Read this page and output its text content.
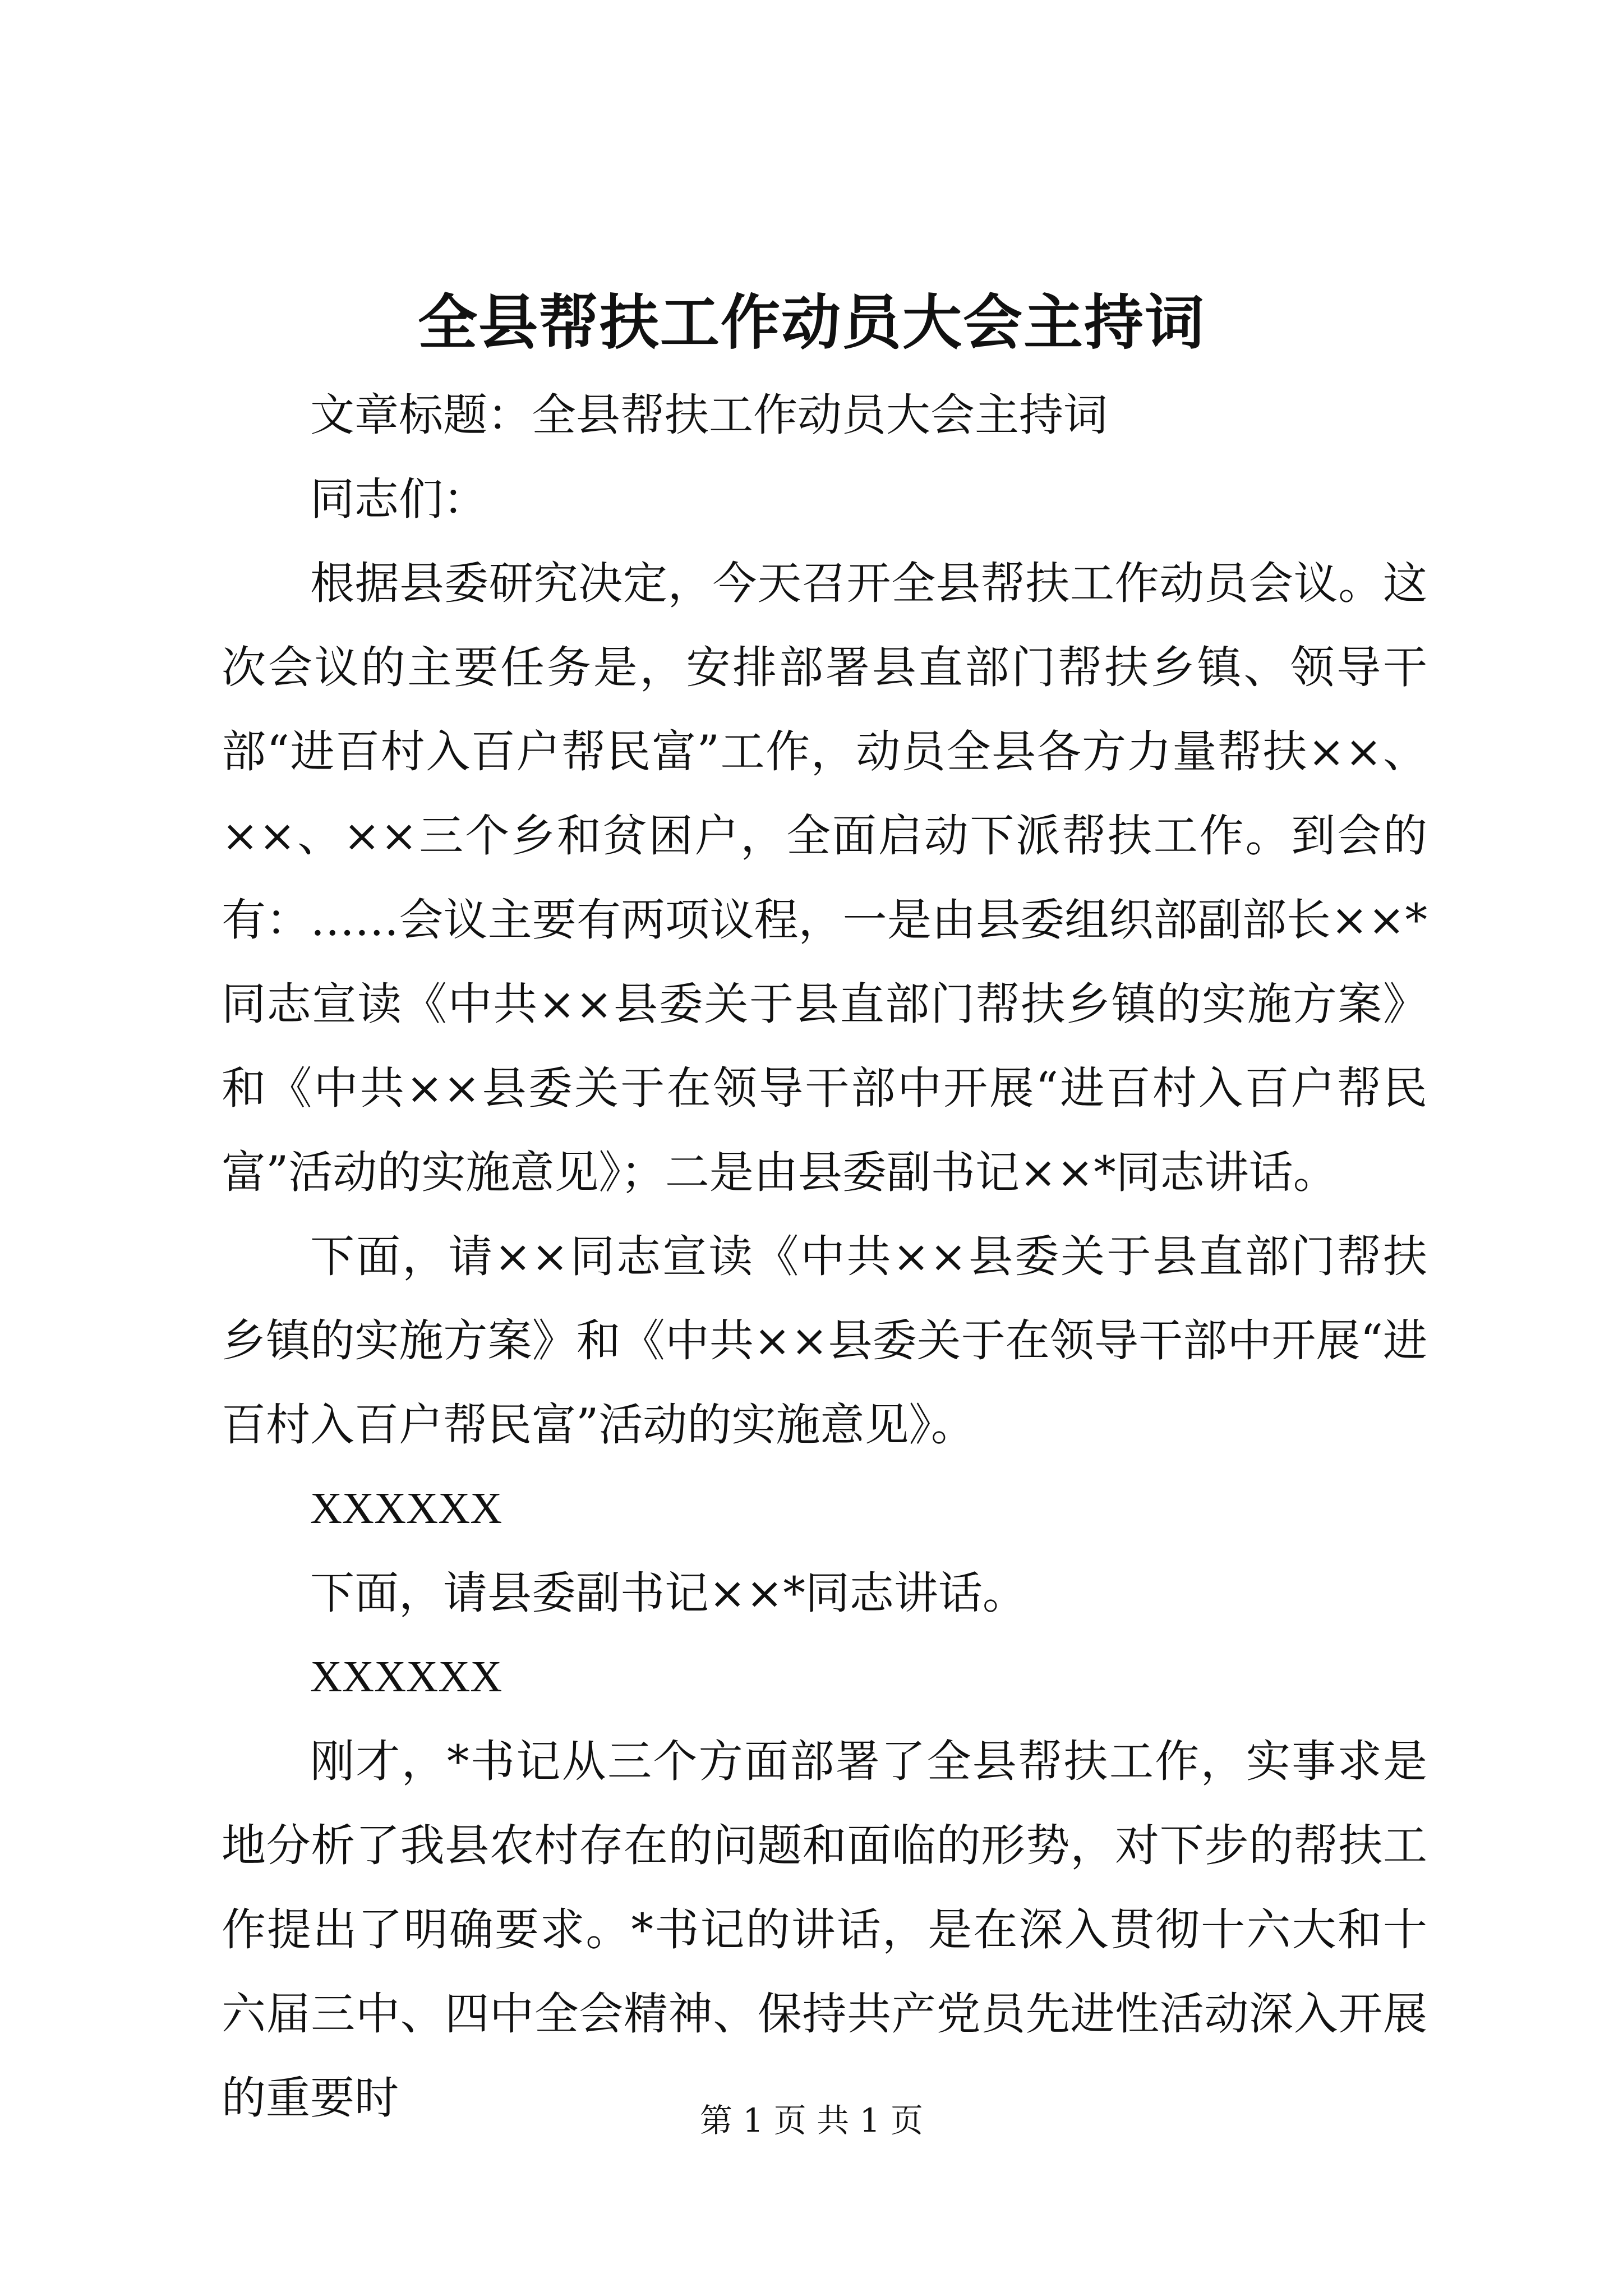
全县帮扶工作动员大会主持词

文章标题：全县帮扶工作动员大会主持词

同志们：

根据县委研究决定，今天召开全县帮扶工作动员会议。这次会议的主要任务是，安排部署县直部门帮扶乡镇、领导干部“进百村入百户帮民富”工作，动员全县各方力量帮扶××、××、××三个乡和贫困户，全面启动下派帮扶工作。到会的有：……会议主要有两项议程，一是由县委组织部副部长××*同志宣读《中共××县委关于县直部门帮扶乡镇的实施方案》和《中共××县委关于在领导干部中开展“进百村入百户帮民富”活动的实施意见》；二是由县委副书记××*同志讲话。

下面，请××同志宣读《中共××县委关于县直部门帮扶乡镇的实施方案》和《中共××县委关于在领导干部中开展“进百村入百户帮民富”活动的实施意见》。

XXXXXX

下面，请县委副书记××*同志讲话。

XXXXXX

刚才，*书记从三个方面部署了全县帮扶工作，实事求是地分析了我县农村存在的问题和面临的形势，对下步的帮扶工作提出了明确要求。*书记的讲话，是在深入贯彻十六大和十六届三中、四中全会精神、保持共产党员先进性活动深入开展的重要时	第 1 页 共 1 页
